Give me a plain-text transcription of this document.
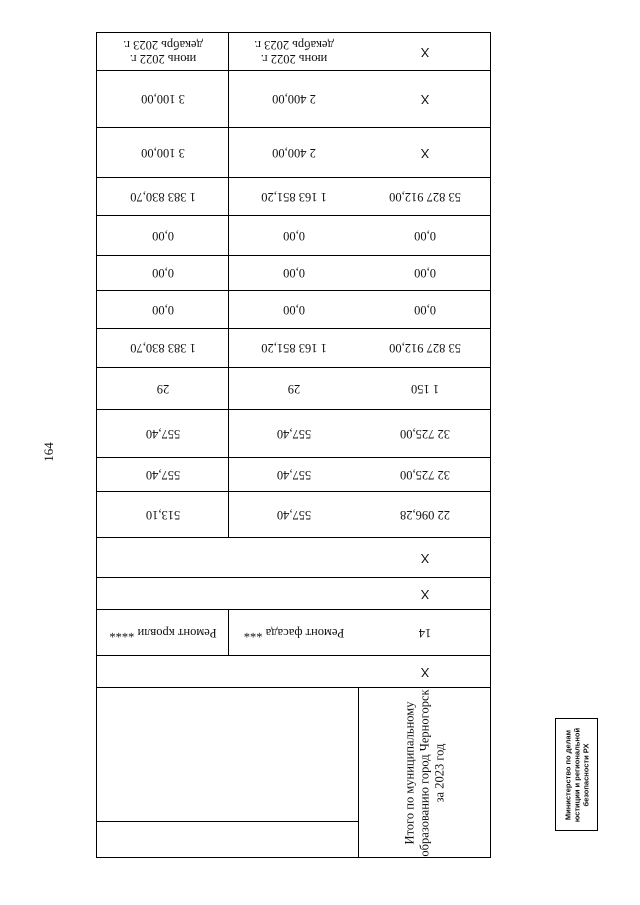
164
X
июнь 2022 г. декабрь 2023 г.
июнь 2022 г. декабрь 2023 г.
X
2 400,00
3 100,00
X
2 400,00
3 100,00
53 827 912,00
1 163 851,20
1 383 830,70
0,00
0,00
0,00
0,00
0,00
0,00
0,00
0,00
0,00
53 827 912,00
1 163 851,20
1 383 830,70
1 150
29
29
32 725,00
557,40
557,40
32 725,00
557,40
557,40
22 096,28
557,40
513,10
X
X
14
Ремонт фасада ***
Ремонт кровли ****
X
Итого по муниципальному образованию город Черногорск за 2023 год	Министерство по делам юстиции и региональной безопасности РХ
